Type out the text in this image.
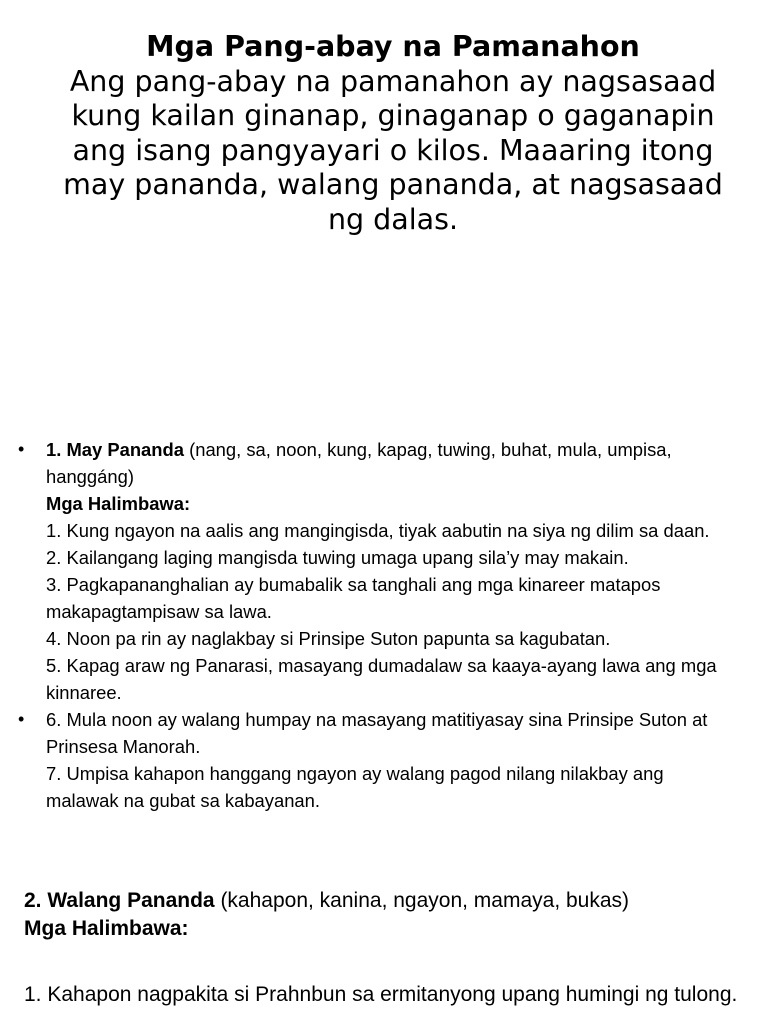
Mga Pang-abay na Pamanahon
Ang pang-abay na pamanahon ay nagsasaad kung kailan ginanap, ginaganap o gaganapin ang isang pangyayari o kilos. Maaaring itong may pananda, walang pananda, at nagsasaad ng dalas.
• 1. May Pananda (nang, sa, noon, kung, kapag, tuwing, buhat, mula, umpisa, hanggáng)
Mga Halimbawa:
1. Kung ngayon na aalis ang mangingisda, tiyak aabutin na siya ng dilim sa daan.
2. Kailangang laging mangisda tuwing umaga upang sila’y may makain.
3. Pagkapananghalian ay bumabalik sa tanghali ang mga kinareer matapos makapagtampisaw sa lawa.
4. Noon pa rin ay naglakbay si Prinsipe Suton papunta sa kagubatan.
5. Kapag araw ng Panarasi, masayang dumadalaw sa kaaya-ayang lawa ang mga kinnaree.
• 6. Mula noon ay walang humpay na masayang matitiyasay sina Prinsipe Suton at Prinsesa Manorah.
7. Umpisa kahapon hanggang ngayon ay walang pagod nilang nilakbay ang malawak na gubat sa kabayanan.
2. Walang Pananda (kahapon, kanina, ngayon, mamaya, bukas)
Mga Halimbawa:
1. Kahapon nagpakita si Prahnbun sa ermitanyong upang humingi ng tulong.
